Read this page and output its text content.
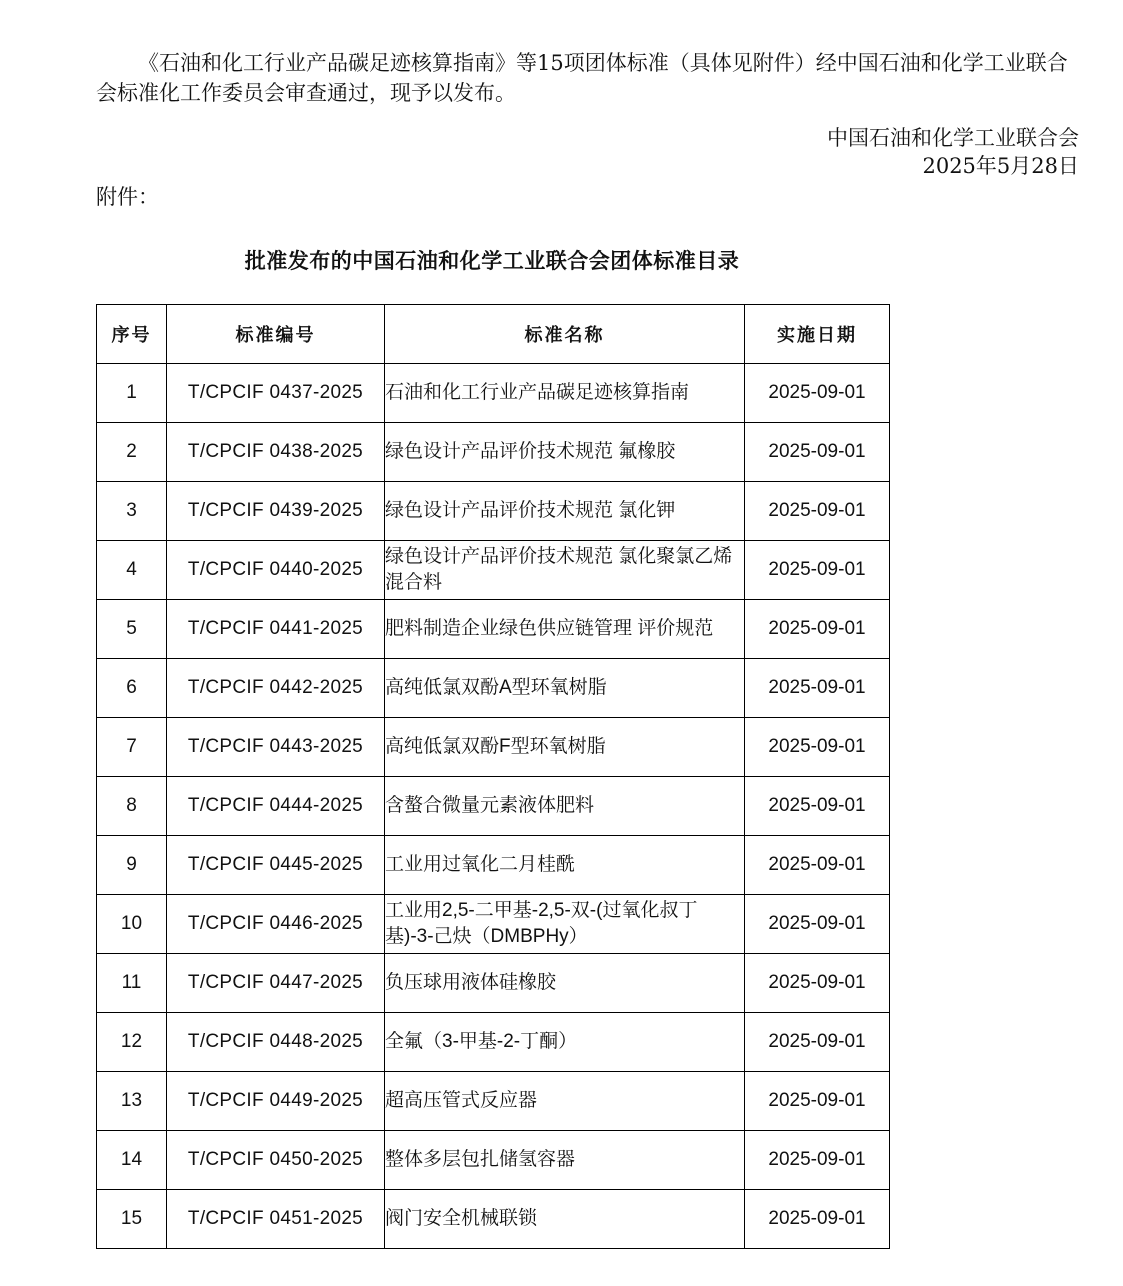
《石油和化工行业产品碳足迹核算指南》等15项团体标准（具体见附件）经中国石油和化学工业联合会标准化工作委员会审查通过，现予以发布。

中国石油和化学工业联合会
2025年5月28日
附件：
批准发布的中国石油和化学工业联合会团体标准目录
序号	标准编号	标准名称	实施日期
1	T/CPCIF 0437-2025	石油和化工行业产品碳足迹核算指南	2025-09-01
2	T/CPCIF 0438-2025	绿色设计产品评价技术规范 氟橡胶	2025-09-01
3	T/CPCIF 0439-2025	绿色设计产品评价技术规范 氯化钾	2025-09-01
4	T/CPCIF 0440-2025	绿色设计产品评价技术规范 氯化聚氯乙烯混合料	2025-09-01
5	T/CPCIF 0441-2025	肥料制造企业绿色供应链管理 评价规范	2025-09-01
6	T/CPCIF 0442-2025	高纯低氯双酚A型环氧树脂	2025-09-01
7	T/CPCIF 0443-2025	高纯低氯双酚F型环氧树脂	2025-09-01
8	T/CPCIF 0444-2025	含螯合微量元素液体肥料	2025-09-01
9	T/CPCIF 0445-2025	工业用过氧化二月桂酰	2025-09-01
10	T/CPCIF 0446-2025	工业用2,5-二甲基-2,5-双-(过氧化叔丁基)-3-己炔（DMBPHy）	2025-09-01
11	T/CPCIF 0447-2025	负压球用液体硅橡胶	2025-09-01
12	T/CPCIF 0448-2025	全氟（3-甲基-2-丁酮）	2025-09-01
13	T/CPCIF 0449-2025	超高压管式反应器	2025-09-01
14	T/CPCIF 0450-2025	整体多层包扎储氢容器	2025-09-01
15	T/CPCIF 0451-2025	阀门安全机械联锁	2025-09-01
